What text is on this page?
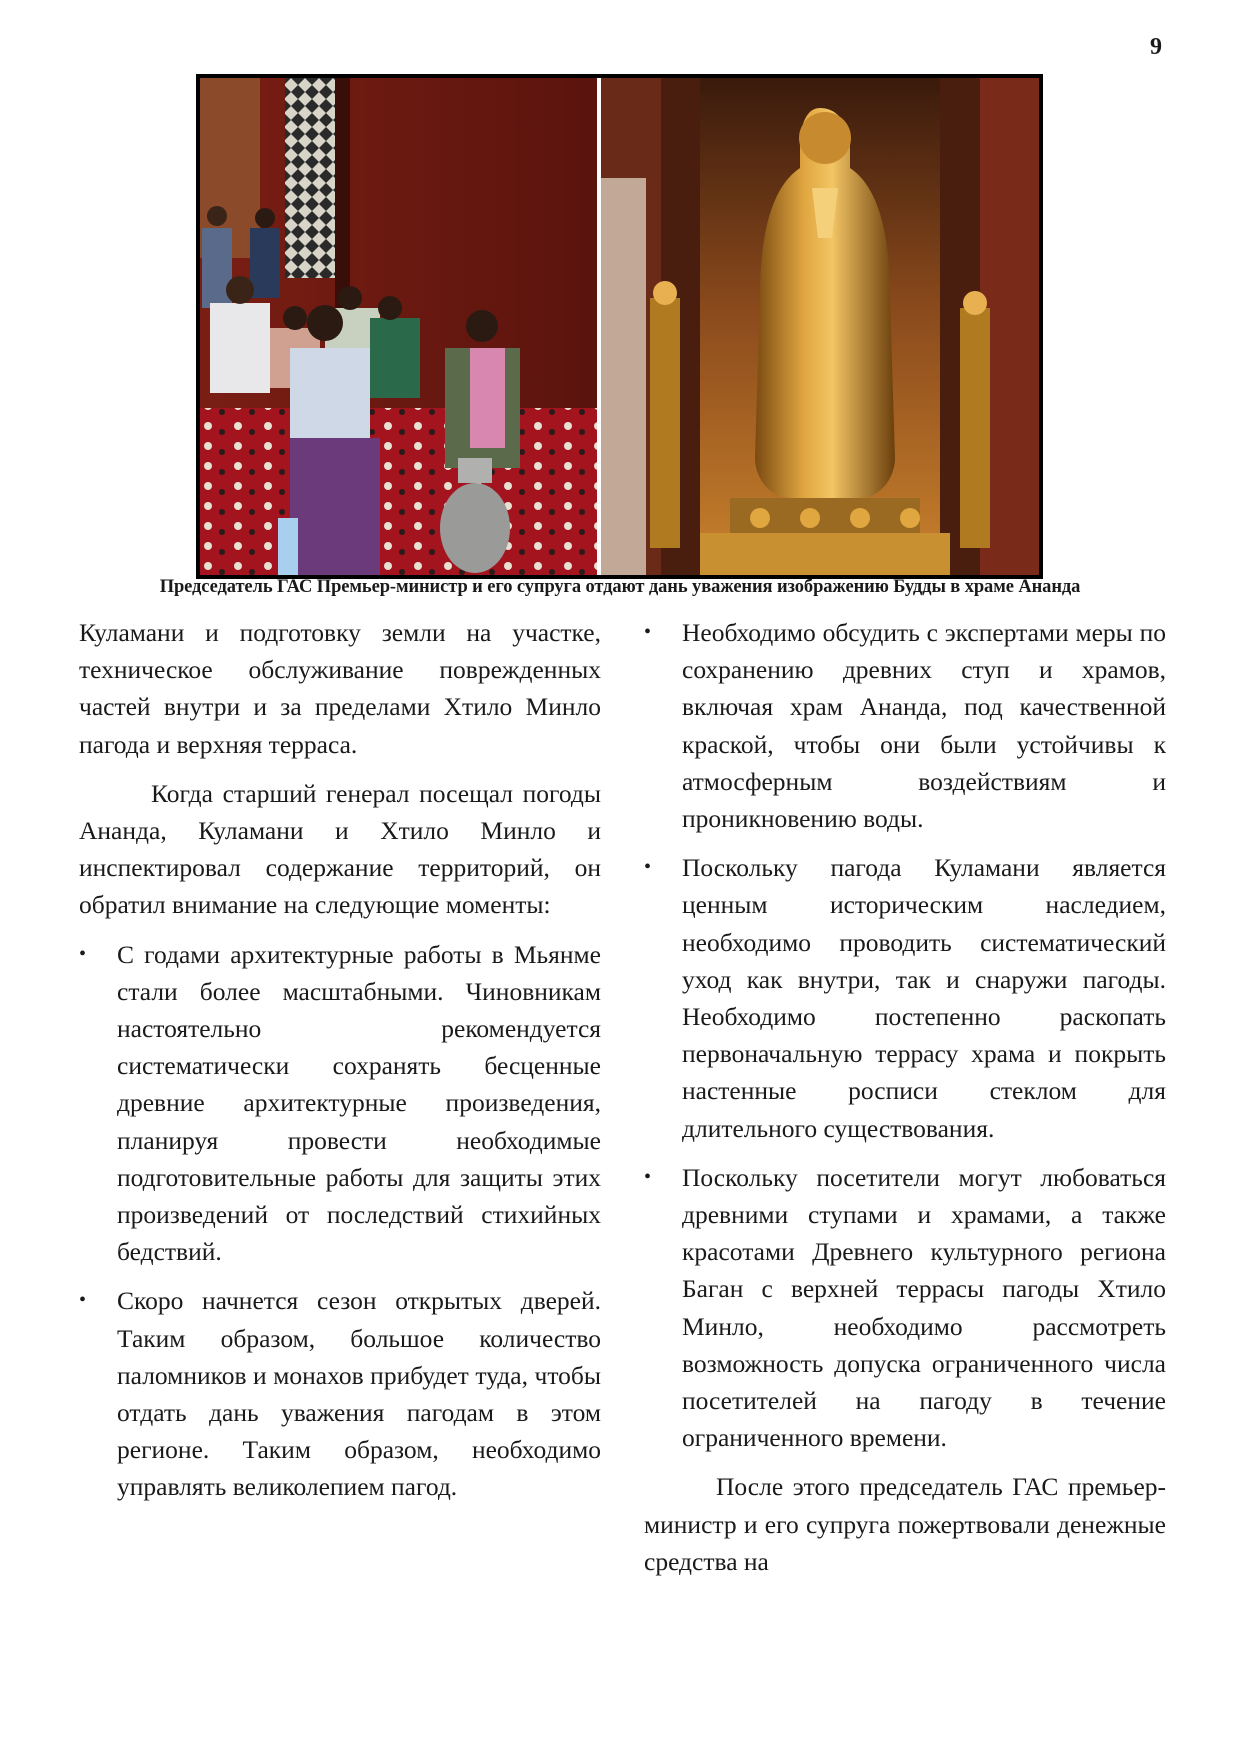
9
Председатель ГАС Премьер-министр и его супруга отдают дань уважения изображению Будды в храме Ананда

Куламани и подготовку земли на участке, техническое обслуживание поврежденных частей внутри и за пределами Хтило Минло пагода и верхняя терраса.

Когда старший генерал посещал погоды Ананда, Куламани и Хтило Минло и инспектировал содержание территорий, он обратил внимание на следующие моменты:

• С годами архитектурные работы в Мьянме стали более масштабными. Чиновникам настоятельно рекомендуется систематически сохранять бесценные древние архитектурные произведения, планируя провести необходимые подготовительные работы для защиты этих произведений от последствий стихийных бедствий.
• Скоро начнется сезон открытых дверей. Таким образом, большое количество паломников и монахов прибудет туда, чтобы отдать дань уважения пагодам в этом регионе. Таким образом, необходимо управлять великолепием пагод.
• Необходимо обсудить с экспертами меры по сохранению древних ступ и храмов, включая храм Ананда, под качественной краской, чтобы они были устойчивы к атмосферным воздействиям и проникновению воды.
• Поскольку пагода Куламани является ценным историческим наследием, необходимо проводить систематический уход как внутри, так и снаружи пагоды. Необходимо постепенно раскопать первоначальную террасу храма и покрыть настенные росписи стеклом для длительного существования.
• Поскольку посетители могут любоваться древними ступами и храмами, а также красотами Древнего культурного региона Баган с верхней террасы пагоды Хтило Минло, необходимо рассмотреть возможность допуска ограниченного числа посетителей на пагоду в течение ограниченного времени.

После этого председатель ГАС премьер-министр и его супруга пожертвовали денежные средства на
